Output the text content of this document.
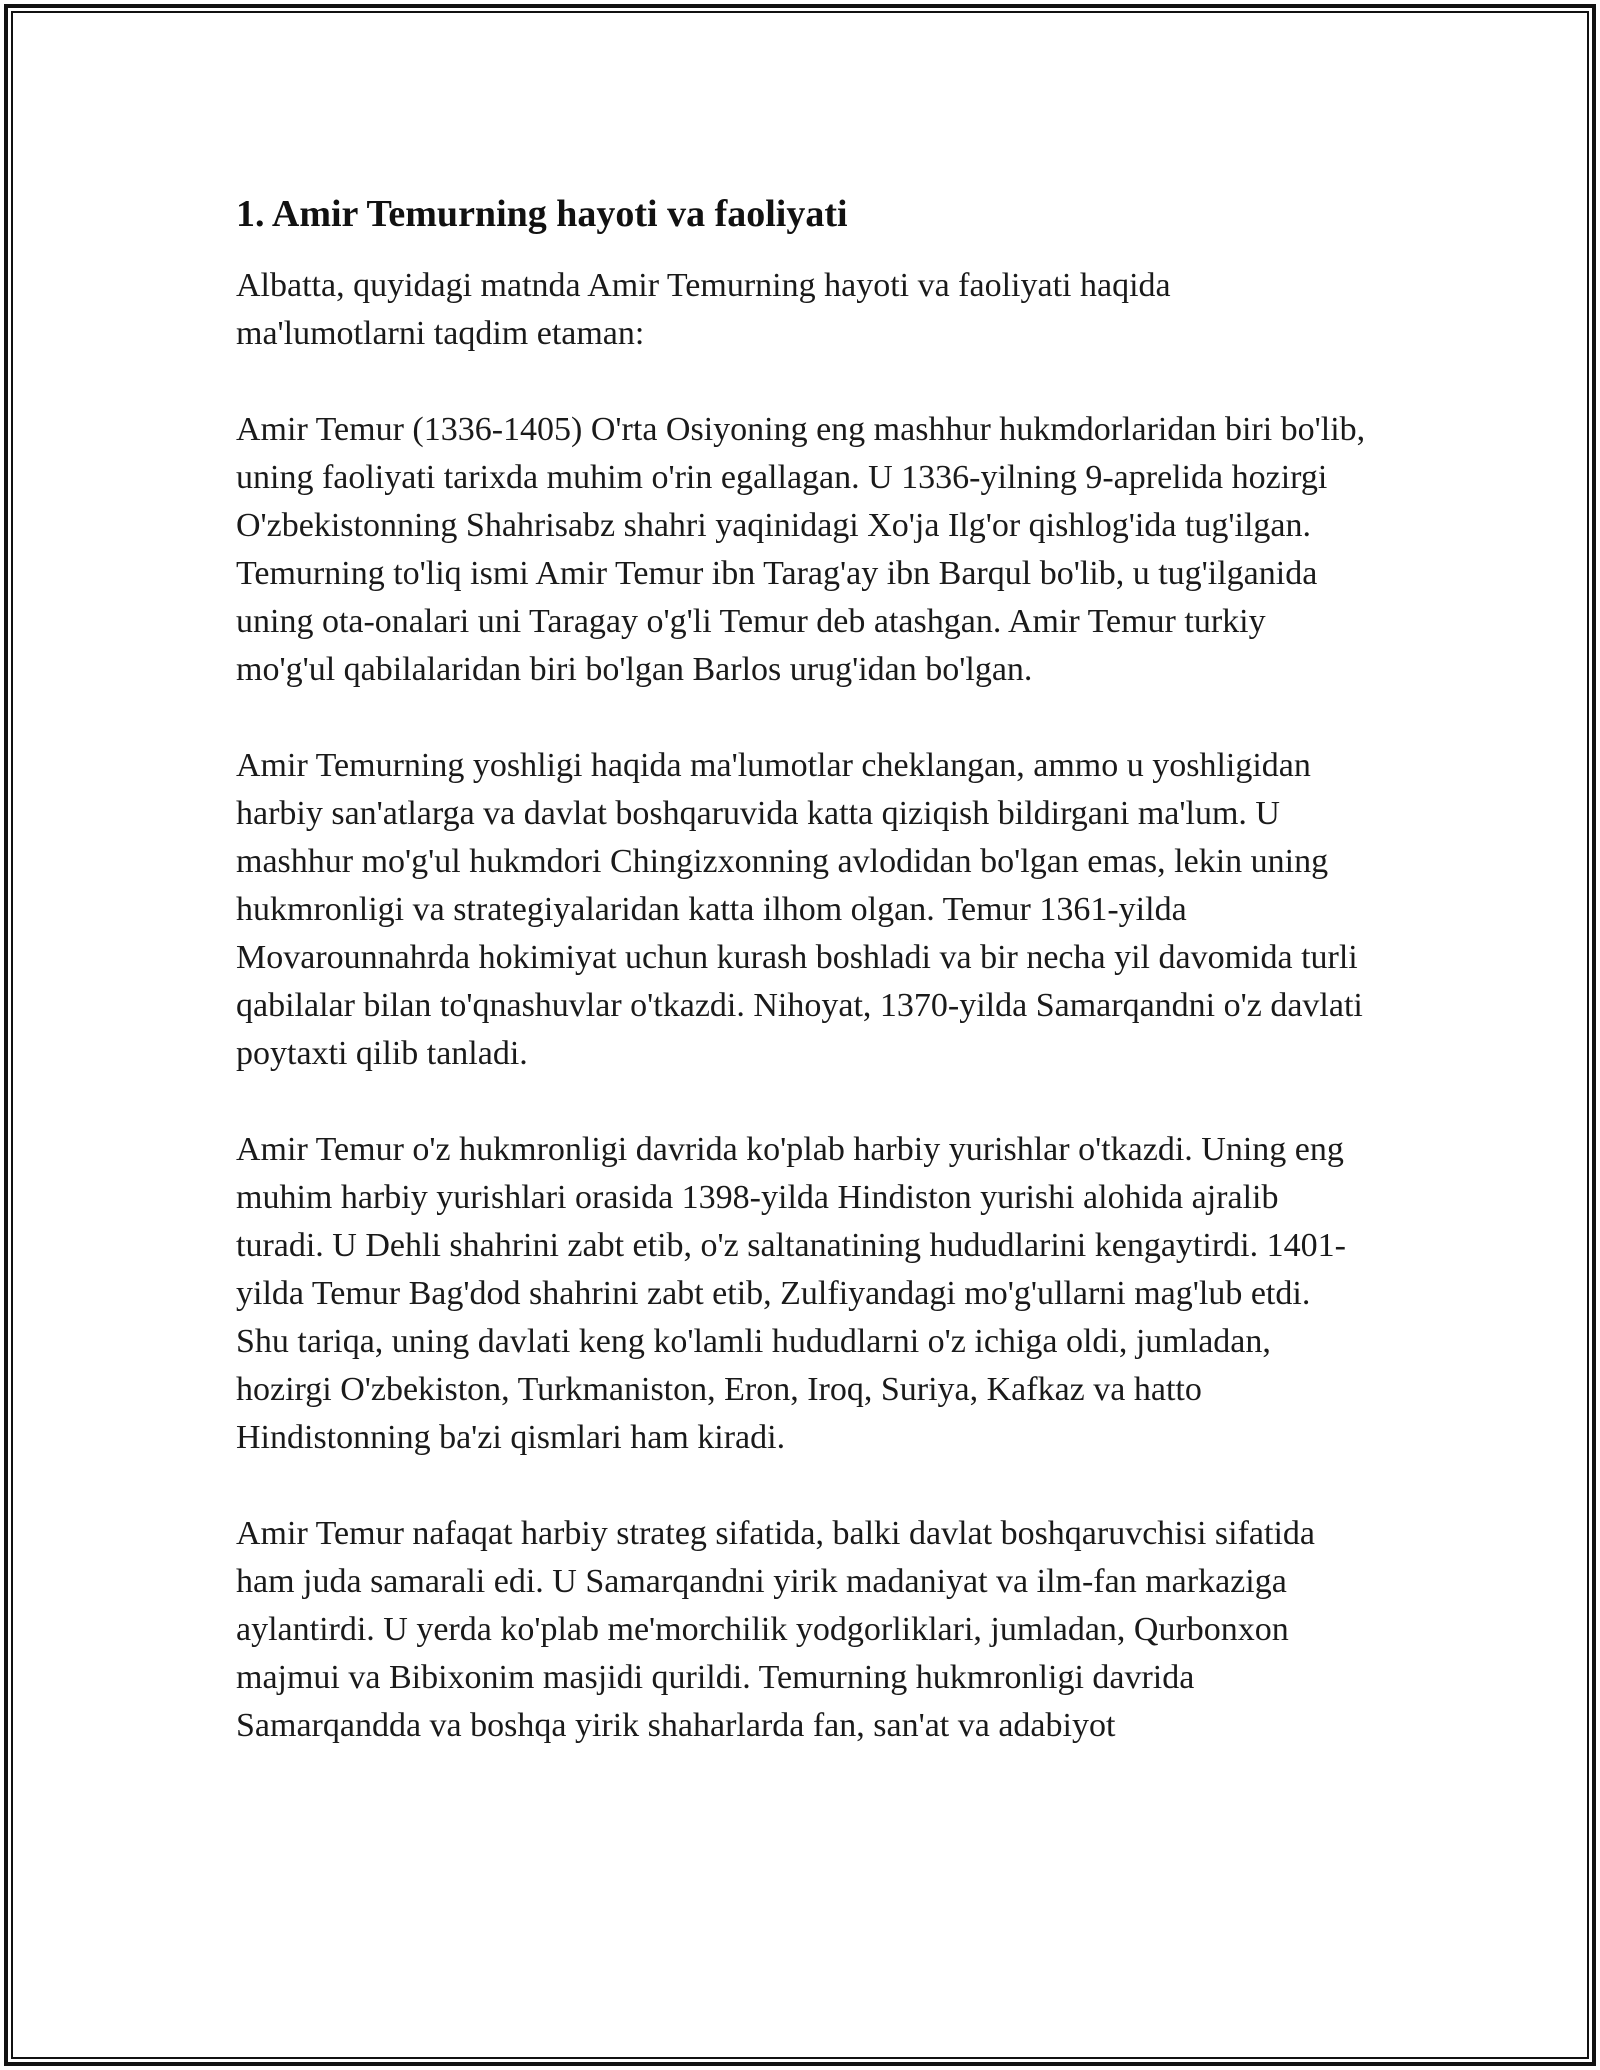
1. Amir Temurning hayoti va faoliyati

Albatta, quyidagi matnda Amir Temurning hayoti va faoliyati haqida ma'lumotlarni taqdim etaman:

Amir Temur (1336-1405) O'rta Osiyoning eng mashhur hukmdorlaridan biri bo'lib, uning faoliyati tarixda muhim o'rin egallagan. U 1336-yilning 9-aprelida hozirgi O'zbekistonning Shahrisabz shahri yaqinidagi Xo'ja Ilg'or qishlog'ida tug'ilgan. Temurning to'liq ismi Amir Temur ibn Tarag'ay ibn Barqul bo'lib, u tug'ilganida uning ota-onalari uni Taragay o'g'li Temur deb atashgan. Amir Temur turkiy mo'g'ul qabilalaridan biri bo'lgan Barlos urug'idan bo'lgan.

Amir Temurning yoshligi haqida ma'lumotlar cheklangan, ammo u yoshligidan harbiy san'atlarga va davlat boshqaruvida katta qiziqish bildirgani ma'lum. U mashhur mo'g'ul hukmdori Chingizxonning avlodidan bo'lgan emas, lekin uning hukmronligi va strategiyalaridan katta ilhom olgan. Temur 1361-yilda Movarounnahrda hokimiyat uchun kurash boshladi va bir necha yil davomida turli qabilalar bilan to'qnashuvlar o'tkazdi. Nihoyat, 1370-yilda Samarqandni o'z davlati poytaxti qilib tanladi.

Amir Temur o'z hukmronligi davrida ko'plab harbiy yurishlar o'tkazdi. Uning eng muhim harbiy yurishlari orasida 1398-yilda Hindiston yurishi alohida ajralib turadi. U Dehli shahrini zabt etib, o'z saltanatining hududlarini kengaytirdi. 1401-yilda Temur Bag'dod shahrini zabt etib, Zulfiyandagi mo'g'ullarni mag'lub etdi. Shu tariqa, uning davlati keng ko'lamli hududlarni o'z ichiga oldi, jumladan, hozirgi O'zbekiston, Turkmaniston, Eron, Iroq, Suriya, Kafkaz va hatto Hindistonning ba'zi qismlari ham kiradi.

Amir Temur nafaqat harbiy strateg sifatida, balki davlat boshqaruvchisi sifatida ham juda samarali edi. U Samarqandni yirik madaniyat va ilm-fan markaziga aylantirdi. U yerda ko'plab me'morchilik yodgorliklari, jumladan, Qurbonxon majmui va Bibixonim masjidi qurildi. Temurning hukmronligi davrida Samarqandda va boshqa yirik shaharlarda fan, san'at va adabiyot
